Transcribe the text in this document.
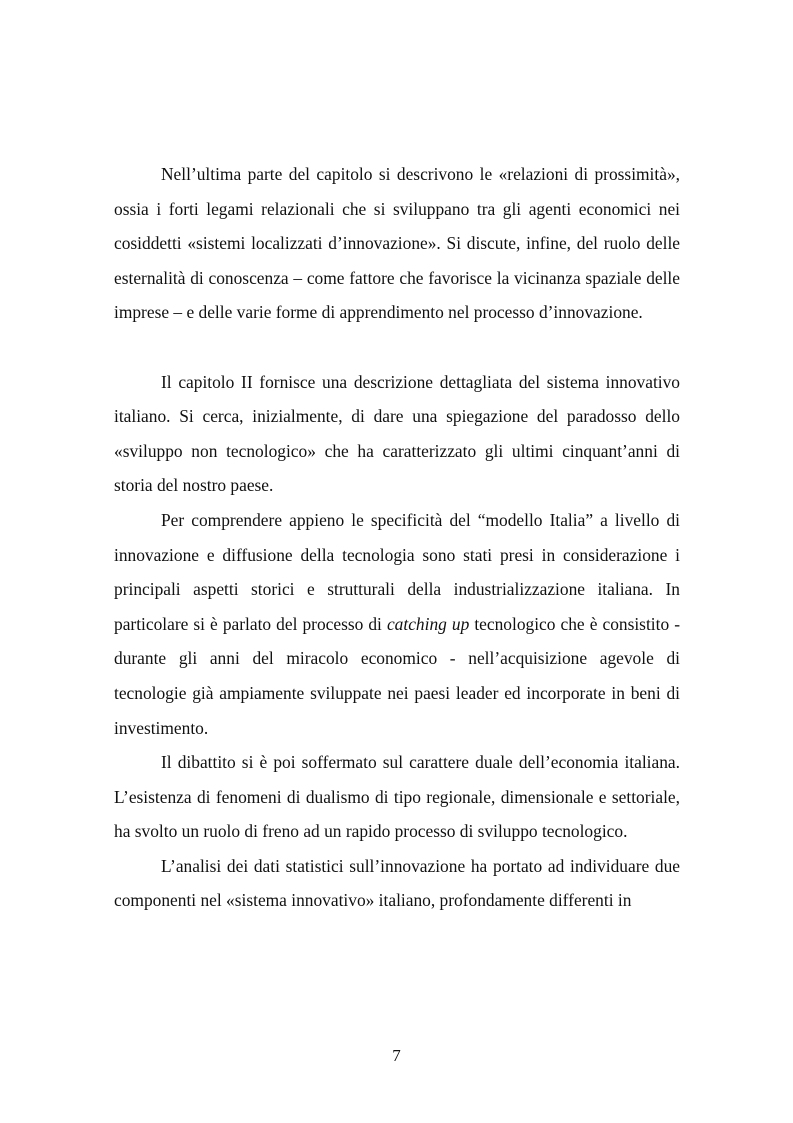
Nell’ultima parte del capitolo si descrivono le «relazioni di prossimità», ossia i forti legami relazionali che si sviluppano tra gli agenti economici nei cosiddetti «sistemi localizzati d’innovazione». Si discute, infine, del ruolo delle esternalità di conoscenza – come fattore che favorisce la vicinanza spaziale delle imprese – e delle varie forme di apprendimento nel processo d’innovazione.

Il capitolo II fornisce una descrizione dettagliata del sistema innovativo italiano. Si cerca, inizialmente, di dare una spiegazione del paradosso dello «sviluppo non tecnologico» che ha caratterizzato gli ultimi cinquant’anni di storia del nostro paese.

Per comprendere appieno le specificità del “modello Italia” a livello di innovazione e diffusione della tecnologia sono stati presi in considerazione i principali aspetti storici e strutturali della industrializzazione italiana. In particolare si è parlato del processo di catching up tecnologico che è consistito - durante gli anni del miracolo economico - nell’acquisizione agevole di tecnologie già ampiamente sviluppate nei paesi leader ed incorporate in beni di investimento.

Il dibattito si è poi soffermato sul carattere duale dell’economia italiana. L’esistenza di fenomeni di dualismo di tipo regionale, dimensionale e settoriale, ha svolto un ruolo di freno ad un rapido processo di sviluppo tecnologico.

L’analisi dei dati statistici sull’innovazione ha portato ad individuare due componenti nel «sistema innovativo» italiano, profondamente differenti in

7
